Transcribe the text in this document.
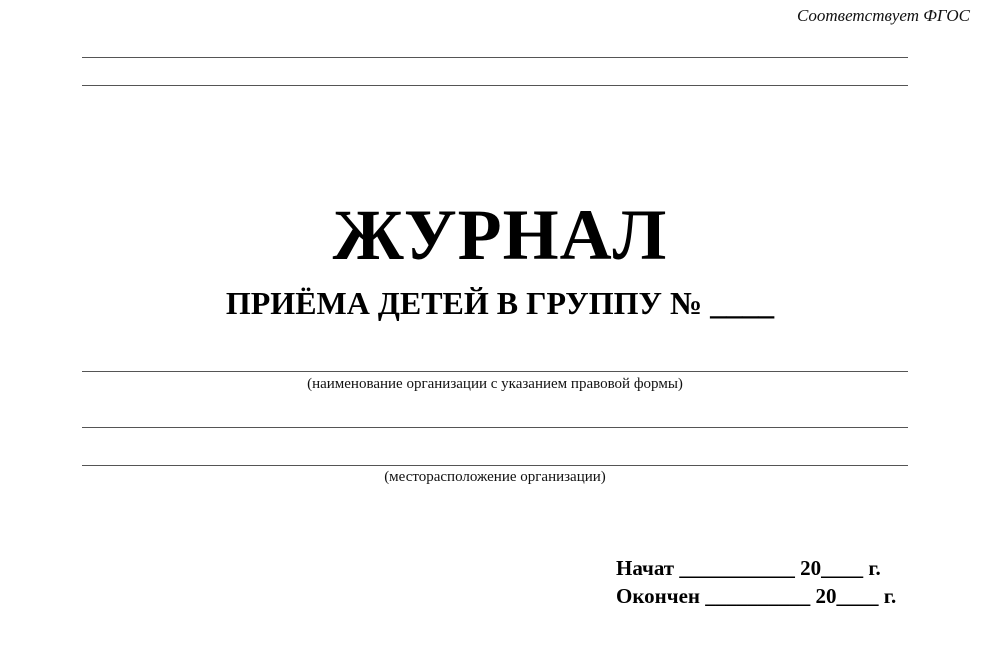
Соответствует ФГОС
ЖУРНАЛ
ПРИЁМА ДЕТЕЙ В ГРУППУ № ____
(наименование организации с указанием правовой формы)
(месторасположение организации)
Начат ___________ 20____ г.
Окончен __________ 20____ г.
